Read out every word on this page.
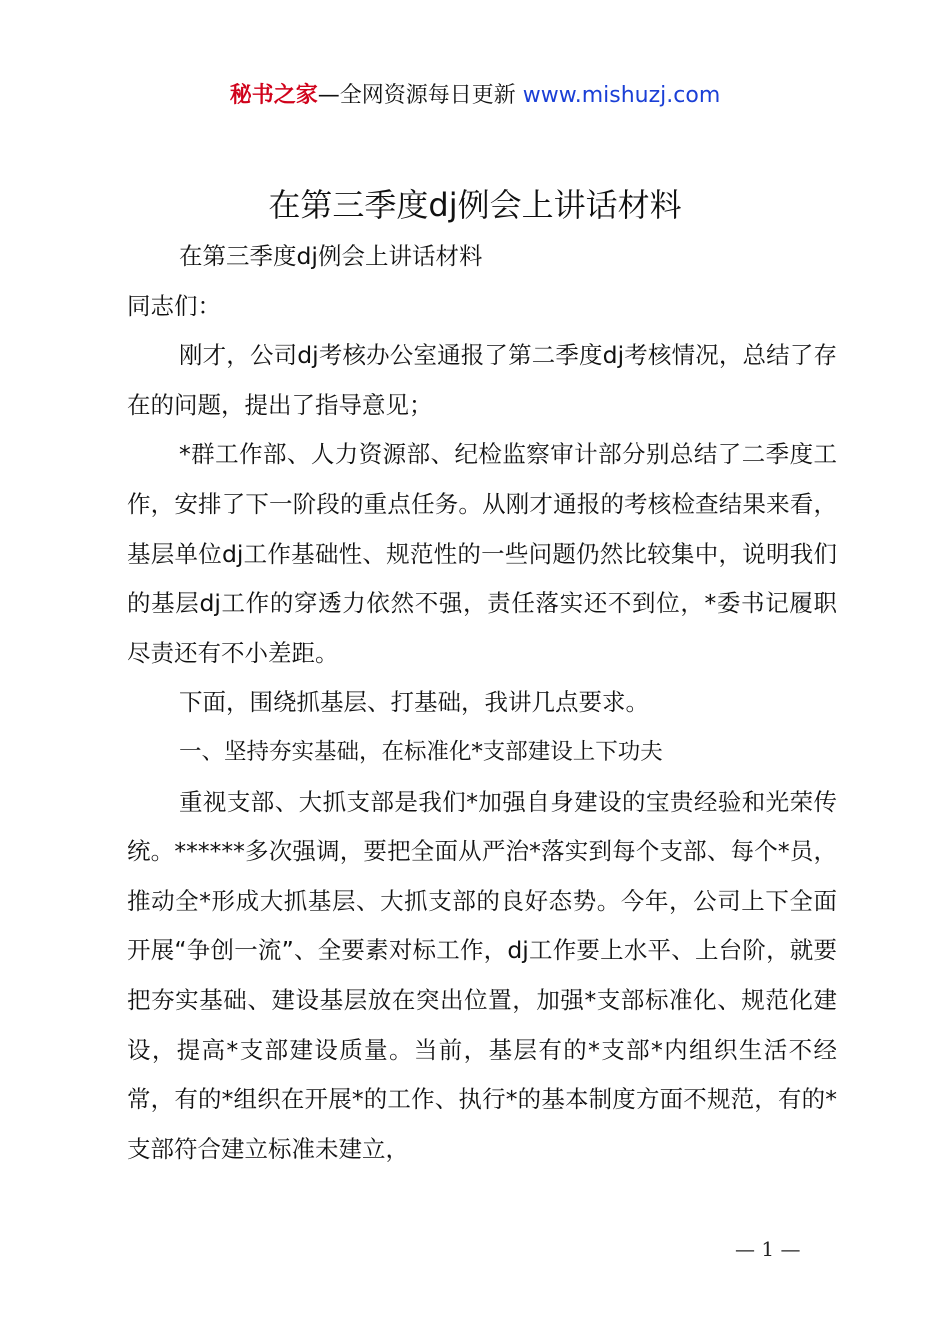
秘书之家—全网资源每日更新 www.mishuzj.com
在第三季度dj例会上讲话材料

在第三季度dj例会上讲话材料

同志们：

刚才，公司dj考核办公室通报了第二季度dj考核情况，总结了存在的问题，提出了指导意见；

*群工作部、人力资源部、纪检监察审计部分别总结了二季度工作，安排了下一阶段的重点任务。从刚才通报的考核检查结果来看，基层单位dj工作基础性、规范性的一些问题仍然比较集中，说明我们的基层dj工作的穿透力依然不强，责任落实还不到位，*委书记履职尽责还有不小差距。

下面，围绕抓基层、打基础，我讲几点要求。

一、坚持夯实基础，在标准化*支部建设上下功夫

重视支部、大抓支部是我们*加强自身建设的宝贵经验和光荣传统。******多次强调，要把全面从严治*落实到每个支部、每个*员，推动全*形成大抓基层、大抓支部的良好态势。今年，公司上下全面开展“争创一流”、全要素对标工作，dj工作要上水平、上台阶，就要把夯实基础、建设基层放在突出位置，加强*支部标准化、规范化建设，提高*支部建设质量。当前，基层有的*支部*内组织生活不经常，有的*组织在开展*的工作、执行*的基本制度方面不规范，有的*支部符合建立标准未建立，

— 1 —
